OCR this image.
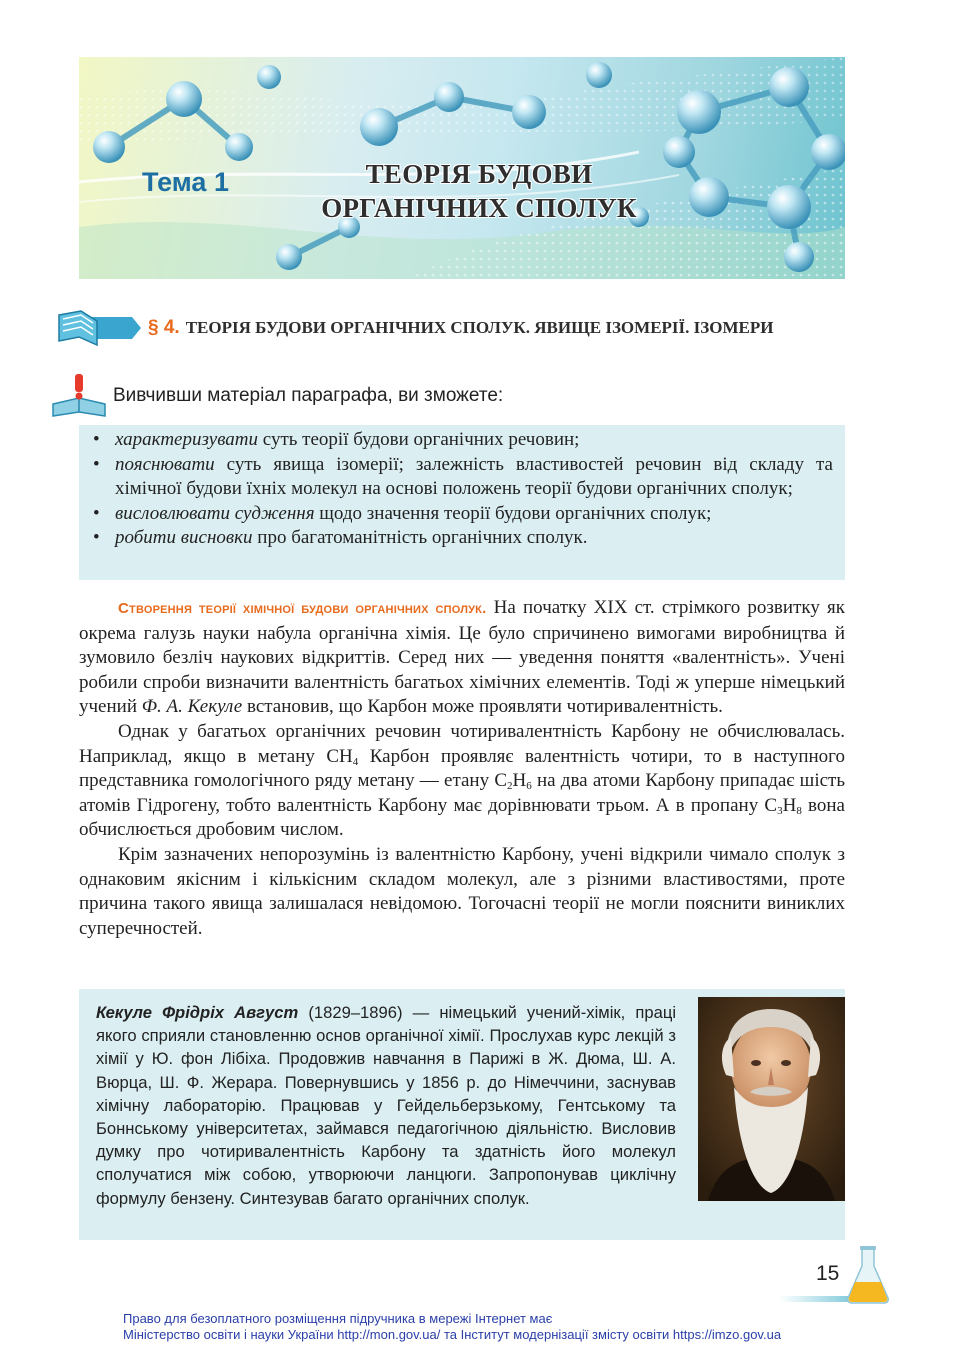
Тема 1	ТЕОРІЯ БУДОВИ
ОРГАНІЧНИХ СПОЛУК
§ 4. ТЕОРІЯ БУДОВИ ОРГАНІЧНИХ СПОЛУК. ЯВИЩЕ ІЗОМЕРІЇ. ІЗОМЕРИ
Вивчивши матеріал параграфа, ви зможете:
• характеризувати суть теорії будови органічних речовин;
• пояснювати суть явища ізомерії; залежність властивостей речовин від складу та хімічної будови їхніх молекул на основі положень теорії будови органічних сполук;
• висловлювати судження щодо значення теорії будови органічних сполук;
• робити висновки про багатоманітність органічних сполук.

Створення теорії хімічної будови органічних сполук. На початку XIX ст. стрімкого розвитку як окрема галузь науки набула органічна хімія. Це було спричинено вимогами виробництва й зумовило безліч наукових відкриттів. Серед них — уведення поняття «валентність». Учені робили спроби визначити валентність багатьох хімічних елементів. Тоді ж уперше німецький учений Ф. А. Кекуле встановив, що Карбон може проявляти чотиривалентність.

Однак у багатьох органічних речовин чотиривалентність Карбону не обчислювалась. Наприклад, якщо в метану $CH_4$ Карбон проявляє валентність чотири, то в наступного представника гомологічного ряду метану — етану $C_2H_6$ на два атоми Карбону припадає шість атомів Гідрогену, тобто валентність Карбону має дорівнювати трьом. А в пропану $C_3H_8$ вона обчислюється дробовим числом.

Крім зазначених непорозумінь із валентністю Карбону, учені відкрили чимало сполук з однаковим якісним і кількісним складом молекул, але з різними властивостями, проте причина такого явища залишалася невідомою. Тогочасні теорії не могли пояснити виниклих суперечностей.

Кекуле Фрідріх Август (1829–1896) — німецький учений-хімік, праці якого сприяли становленню основ органічної хімії. Прослухав курс лекцій з хімії у Ю. фон Лібіха. Продовжив навчання в Парижі в Ж. Дюма, Ш. А. Вюрца, Ш. Ф. Жерара. Повернувшись у 1856 р. до Німеччини, заснував хімічну лабораторію. Працював у Гейдельберзькому, Гентському та Боннському університетах, займався педагогічною діяльністю. Висловив думку про чотиривалентність Карбону та здатність його молекул сполучатися між собою, утворюючи ланцюги. Запропонував циклічну формулу бензену. Синтезував багато органічних сполук.
15
Право для безоплатного розміщення підручника в мережі Інтернет має
Міністерство освіти і науки України http://mon.gov.ua/ та Інститут модернізації змісту освіти https://imzo.gov.ua
